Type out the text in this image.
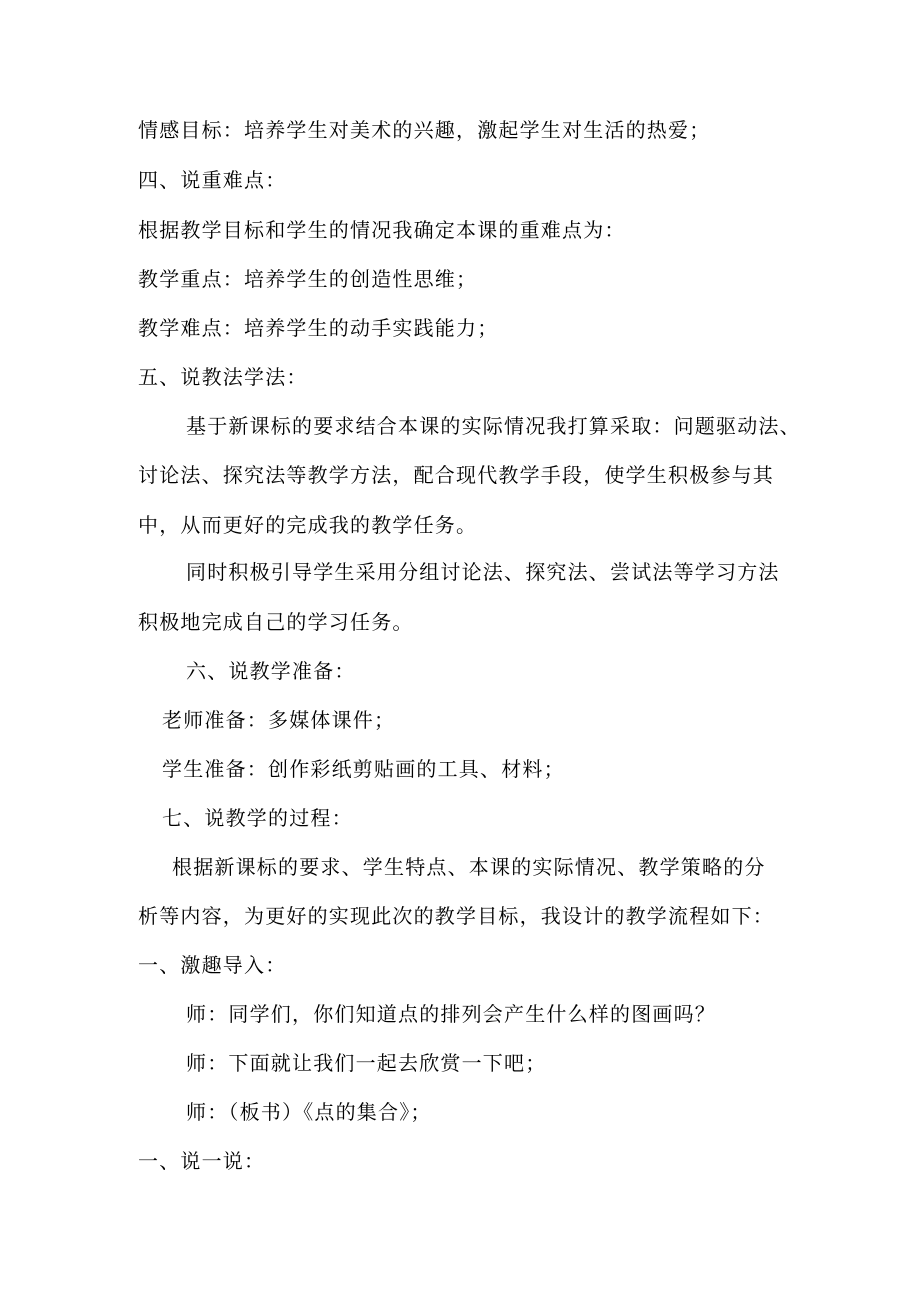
情感目标：培养学生对美术的兴趣，激起学生对生活的热爱；
四、说重难点：
根据教学目标和学生的情况我确定本课的重难点为：
教学重点：培养学生的创造性思维；
教学难点：培养学生的动手实践能力；
五、说教法学法：
基于新课标的要求结合本课的实际情况我打算采取：问题驱动法、
讨论法、探究法等教学方法，配合现代教学手段，使学生积极参与其
中，从而更好的完成我的教学任务。
同时积极引导学生采用分组讨论法、探究法、尝试法等学习方法
积极地完成自己的学习任务。
六、说教学准备：
老师准备：多媒体课件；
学生准备：创作彩纸剪贴画的工具、材料；
七、说教学的过程：
根据新课标的要求、学生特点、本课的实际情况、教学策略的分
析等内容，为更好的实现此次的教学目标，我设计的教学流程如下：
一、激趣导入：
师：同学们，你们知道点的排列会产生什么样的图画吗？
师：下面就让我们一起去欣赏一下吧；
师：（板书）《点的集合》；
一、说一说：
